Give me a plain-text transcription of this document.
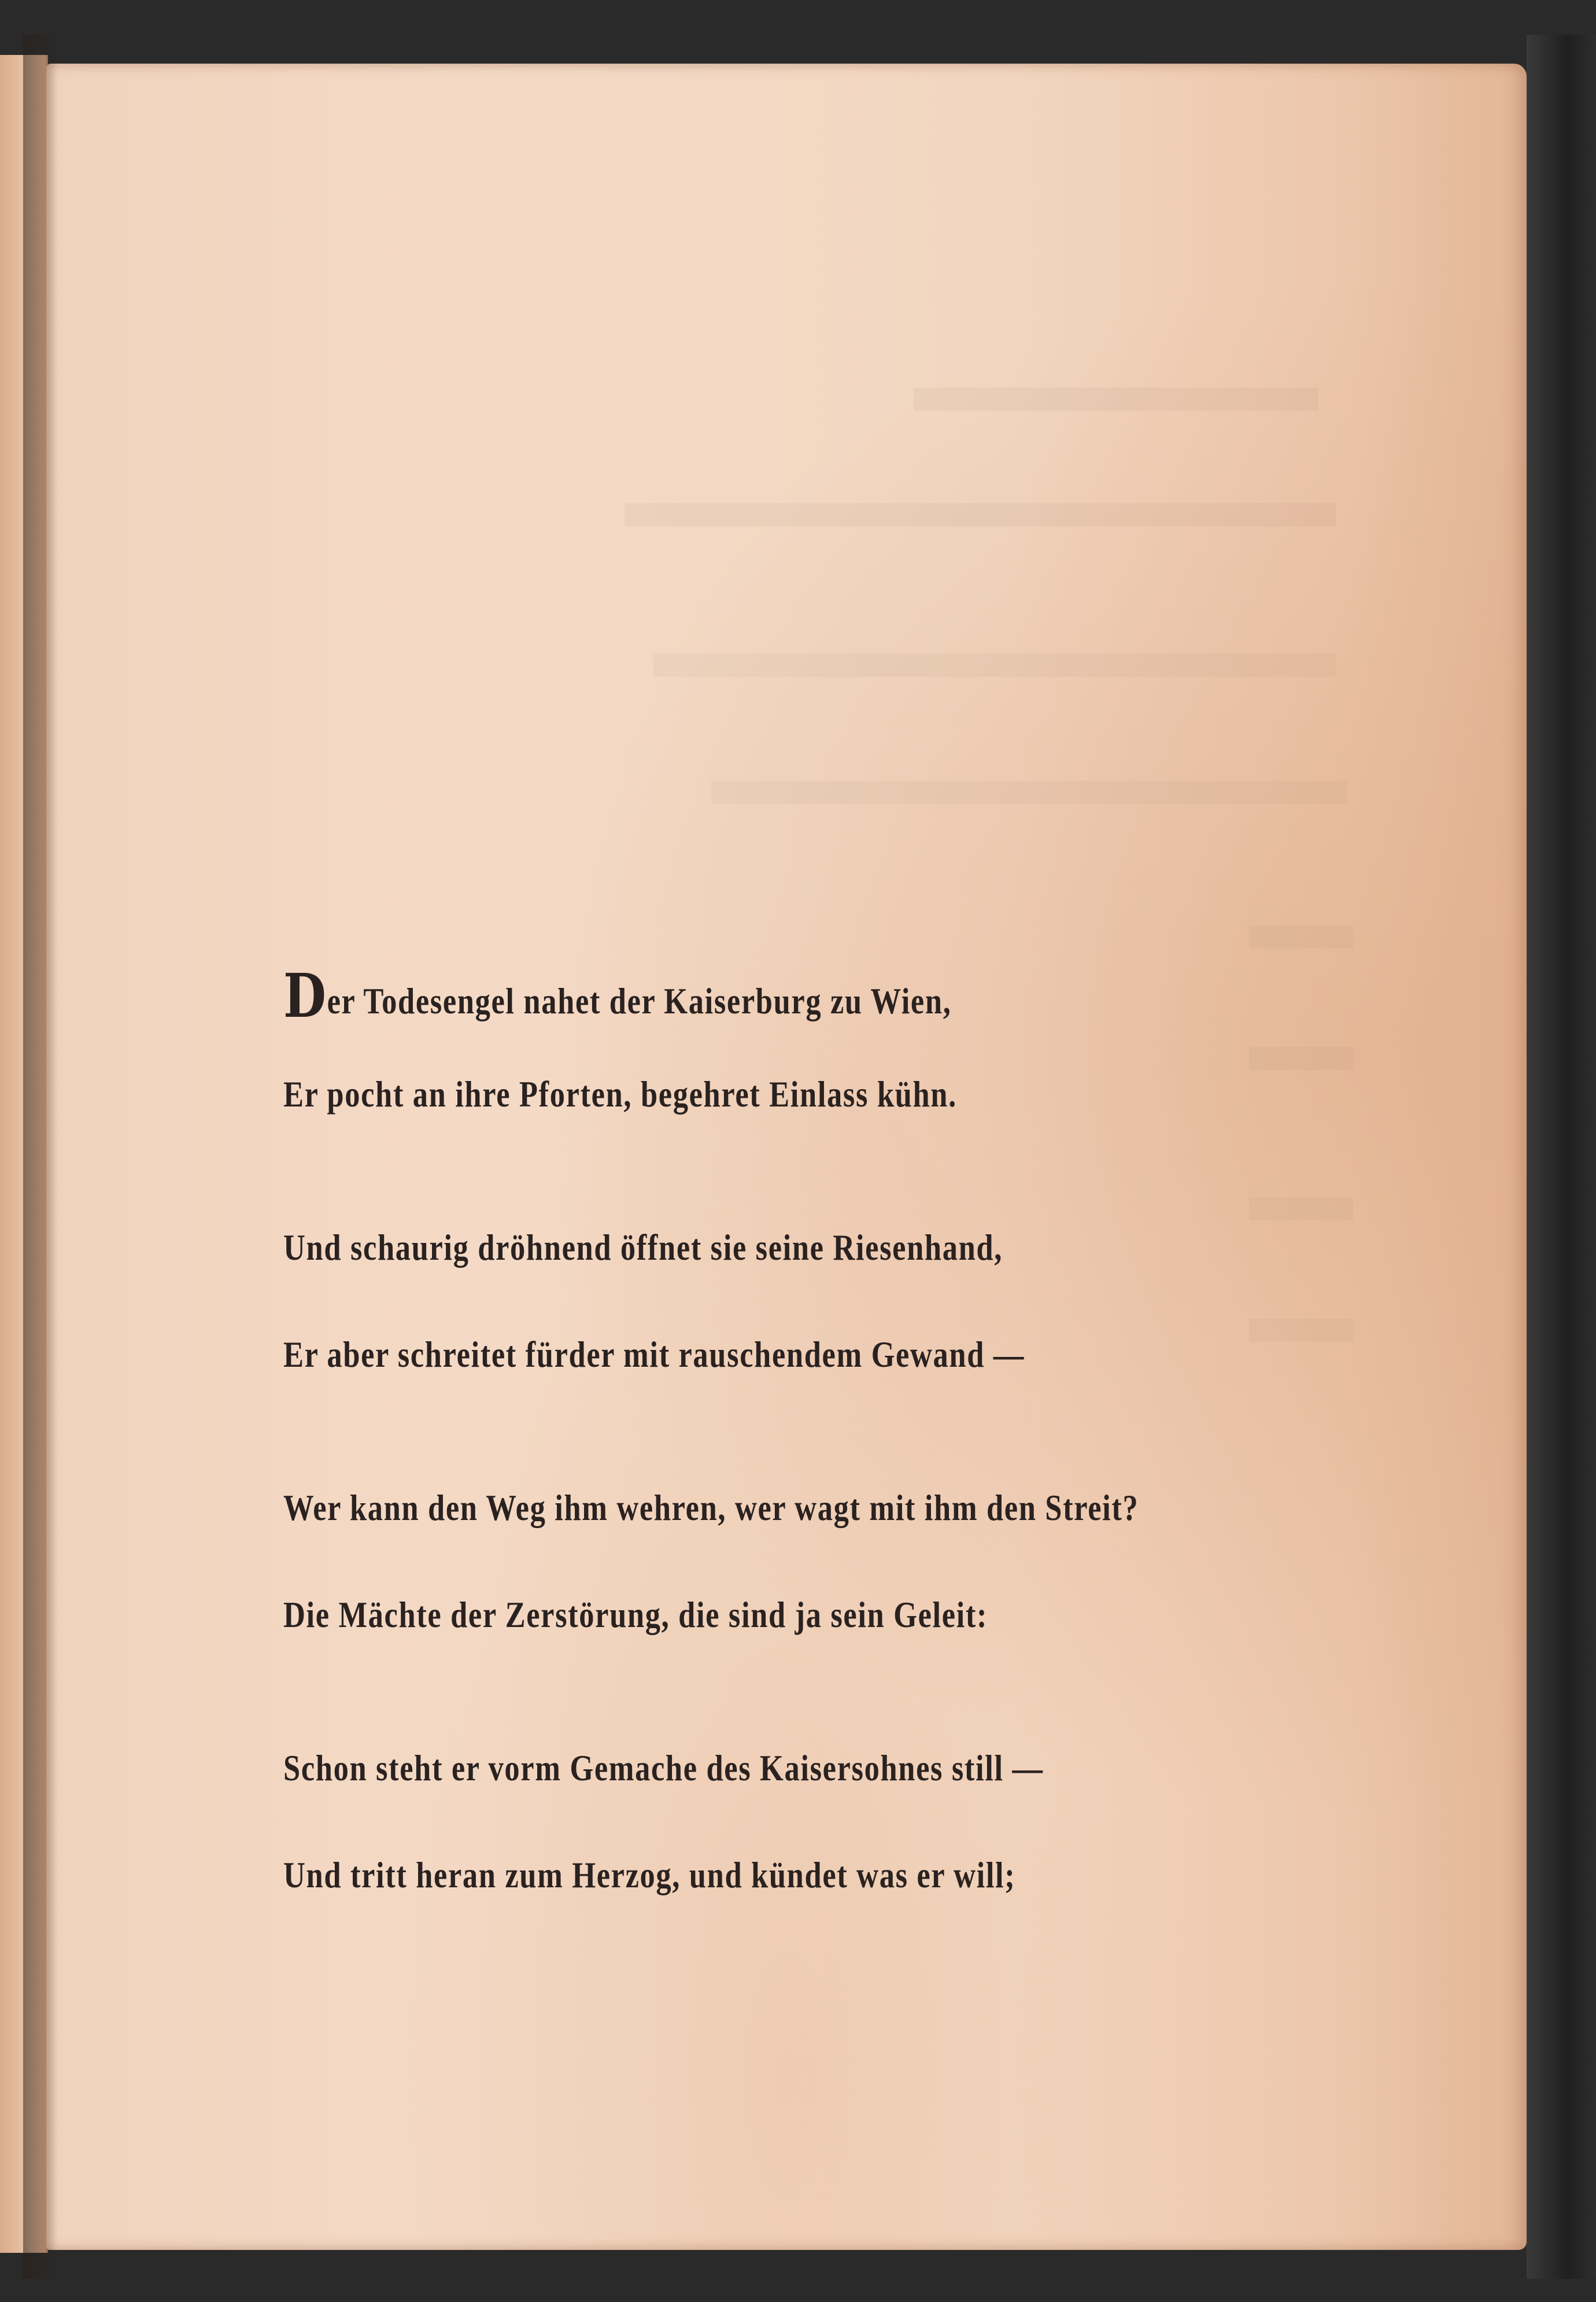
Der Todesengel nahet der Kaiserburg zu Wien,
Er pocht an ihre Pforten, begehret Einlass kühn.
Und schaurig dröhnend öffnet sie seine Riesenhand,
Er aber schreitet fürder mit rauschendem Gewand —
Wer kann den Weg ihm wehren, wer wagt mit ihm den Streit?
Die Mächte der Zerstörung, die sind ja sein Geleit:
Schon steht er vorm Gemache des Kaisersohnes still —
Und tritt heran zum Herzog, und kündet was er will;
